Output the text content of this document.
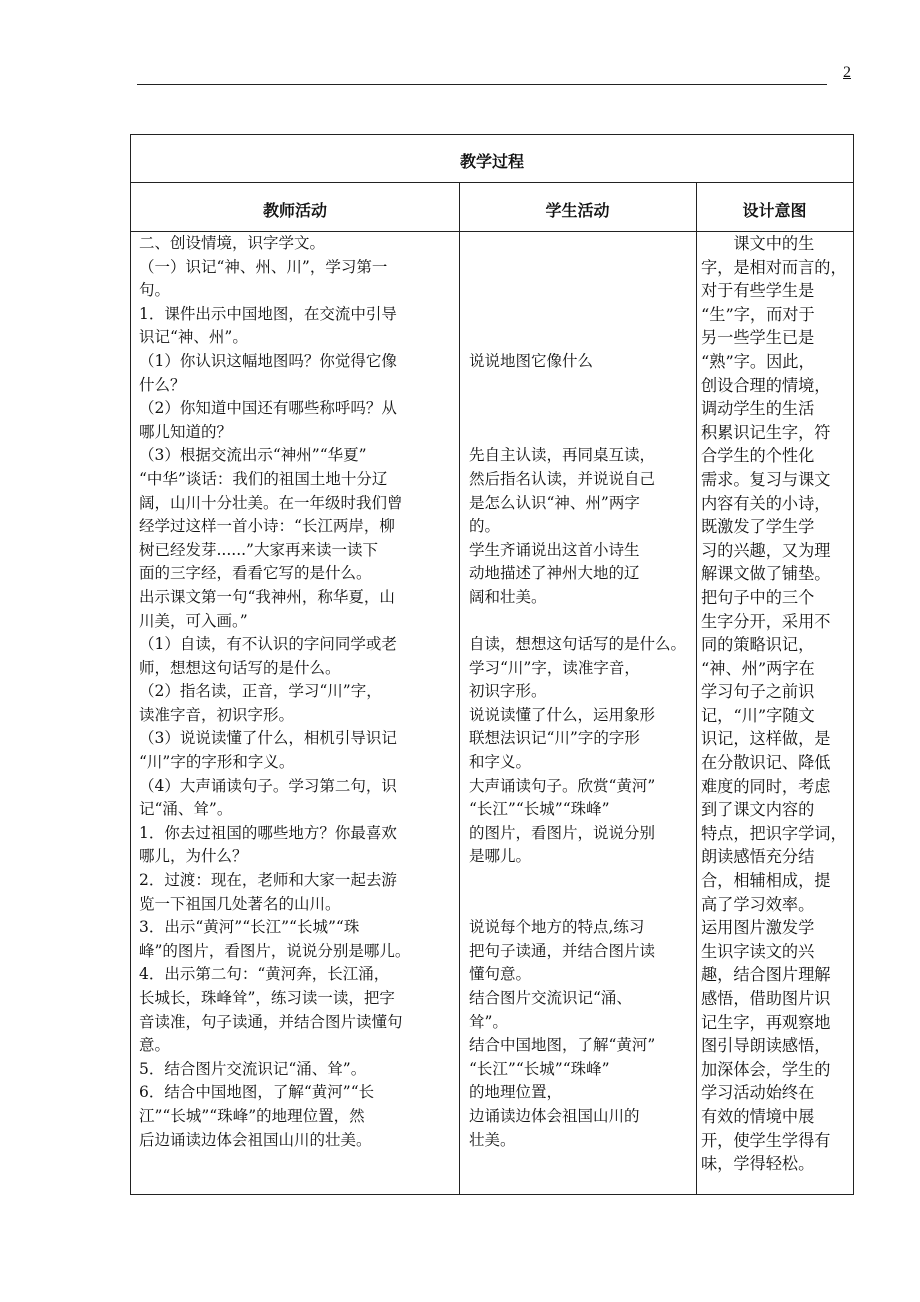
2
教学过程
教师活动	学生活动	设计意图

二、创设情境，识字学文。

（一）识记“神、州、川”，学习第一

句。

1．课件出示中国地图，在交流中引导

识记“神、州”。

（1）你认识这幅地图吗？你觉得它像

什么？

（2）你知道中国还有哪些称呼吗？从

哪儿知道的？

（3）根据交流出示“神州”“华夏”

“中华”谈话：我们的祖国土地十分辽

阔，山川十分壮美。在一年级时我们曾

经学过这样一首小诗：“长江两岸，柳

树已经发芽......”大家再来读一读下

面的三字经，看看它写的是什么。

出示课文第一句“我神州，称华夏，山

川美，可入画。”

（1）自读，有不认识的字问同学或老

师，想想这句话写的是什么。

（2）指名读，正音，学习“川”字，

读准字音，初识字形。

（3）说说读懂了什么，相机引导识记

“川”字的字形和字义。

（4）大声诵读句子。学习第二句，识

记“涌、耸”。

1．你去过祖国的哪些地方？你最喜欢

哪儿，为什么？

2．过渡：现在，老师和大家一起去游

览一下祖国几处著名的山川。

3．出示“黄河”“长江”“长城”“珠

峰”的图片，看图片，说说分别是哪儿。

4．出示第二句：“黄河奔，长江涌，

长城长，珠峰耸”，练习读一读，把字

音读准，句子读通，并结合图片读懂句

意。

5．结合图片交流识记“涌、耸”。

6．结合中国地图，了解“黄河”“长

江”“长城”“珠峰”的地理位置，然

后边诵读边体会祖国山川的壮美。

说说地图它像什么

先自主认读，再同桌互读，

然后指名认读，并说说自己

是怎么认识“神、州”两字

的。

学生齐诵说出这首小诗生

动地描述了神州大地的辽

阔和壮美。

自读，想想这句话写的是什么。

学习“川”字，读准字音，

初识字形。

说说读懂了什么，运用象形

联想法识记“川”字的字形

和字义。

大声诵读句子。欣赏“黄河”

“长江”“长城”“珠峰”

的图片，看图片，说说分别

是哪儿。

说说每个地方的特点,练习

把句子读通，并结合图片读

懂句意。

结合图片交流识记“涌、

耸”。

结合中国地图，了解“黄河”

“长江”“长城”“珠峰”

的地理位置，

边诵读边体会祖国山川的

壮美。

　　课文中的生

字，是相对而言的，

对于有些学生是

“生”字，而对于

另一些学生已是

“熟”字。因此，

创设合理的情境，

调动学生的生活

积累识记生字，符

合学生的个性化

需求。复习与课文

内容有关的小诗，

既激发了学生学

习的兴趣，又为理

解课文做了铺垫。

把句子中的三个

生字分开，采用不

同的策略识记，

“神、州”两字在

学习句子之前识

记，“川”字随文

识记，这样做，是

在分散识记、降低

难度的同时，考虑

到了课文内容的

特点，把识字学词，

朗读感悟充分结

合，相辅相成，提

高了学习效率。

运用图片激发学

生识字读文的兴

趣，结合图片理解

感悟，借助图片识

记生字，再观察地

图引导朗读感悟，

加深体会，学生的

学习活动始终在

有效的情境中展

开，使学生学得有

味，学得轻松。
